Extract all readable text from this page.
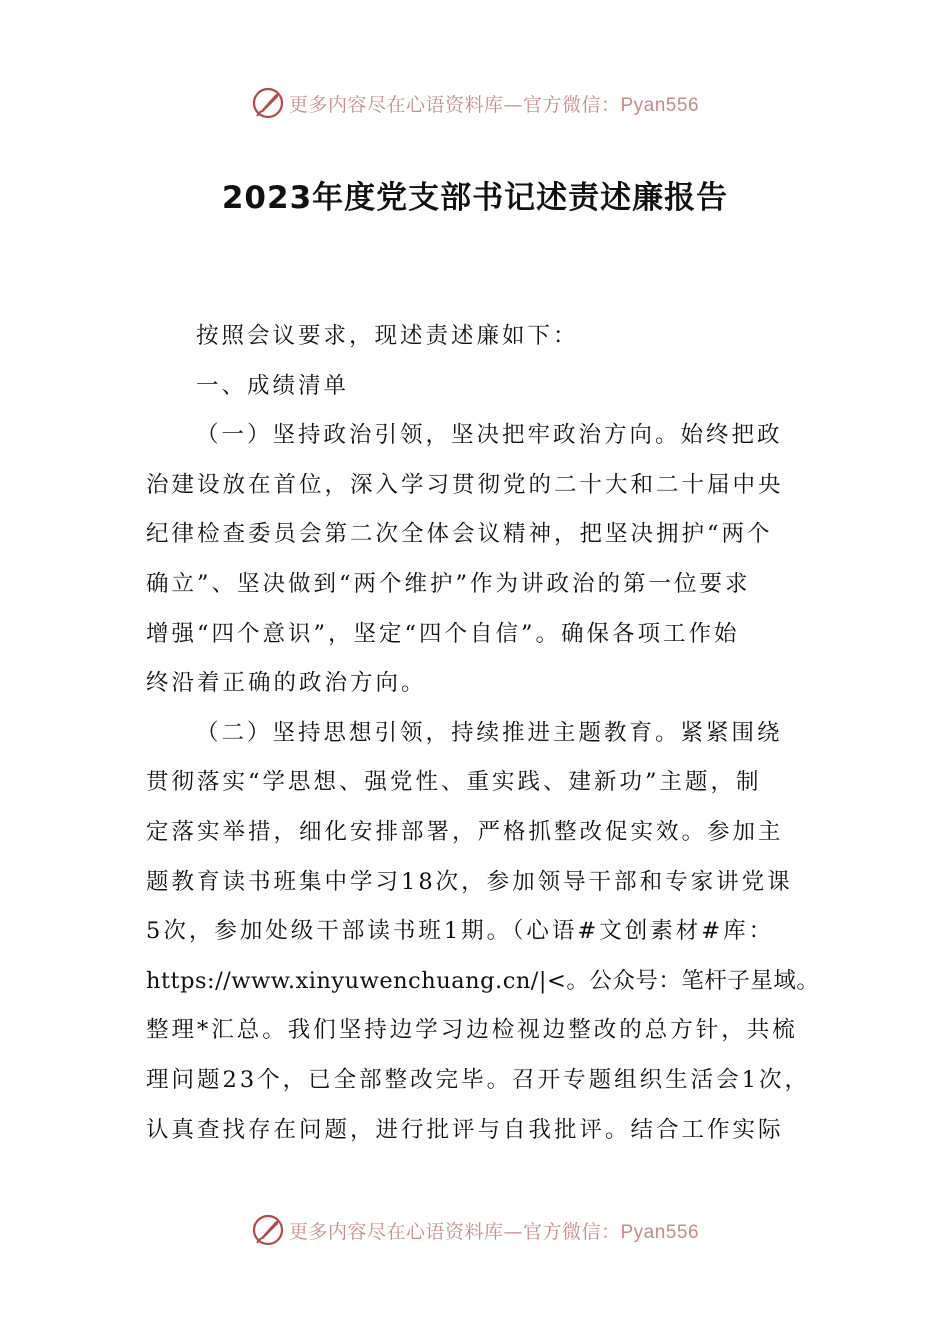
更多内容尽在心语资料库—官方微信：Pyan556
2023年度党支部书记述责述廉报告
按照会议要求，现述责述廉如下：
一、成绩清单
（一）坚持政治引领，坚决把牢政治方向。始终把政
治建设放在首位，深入学习贯彻党的二十大和二十届中央
纪律检查委员会第二次全体会议精神，把坚决拥护“两个
确立”、坚决做到“两个维护”作为讲政治的第一位要求
增强“四个意识”，坚定“四个自信”。确保各项工作始
终沿着正确的政治方向。
（二）坚持思想引领，持续推进主题教育。紧紧围绕
贯彻落实“学思想、强党性、重实践、建新功”主题，制
定落实举措，细化安排部署，严格抓整改促实效。参加主
题教育读书班集中学习18次，参加领导干部和专家讲党课
5次，参加处级干部读书班1期。（心语#文创素材#库：
https://www.xinyuwenchuang.cn/|<。公众号：笔杆子星域。
整理*汇总。我们坚持边学习边检视边整改的总方针，共梳
理问题23个，已全部整改完毕。召开专题组织生活会1次，
认真查找存在问题，进行批评与自我批评。结合工作实际
更多内容尽在心语资料库—官方微信：Pyan556
